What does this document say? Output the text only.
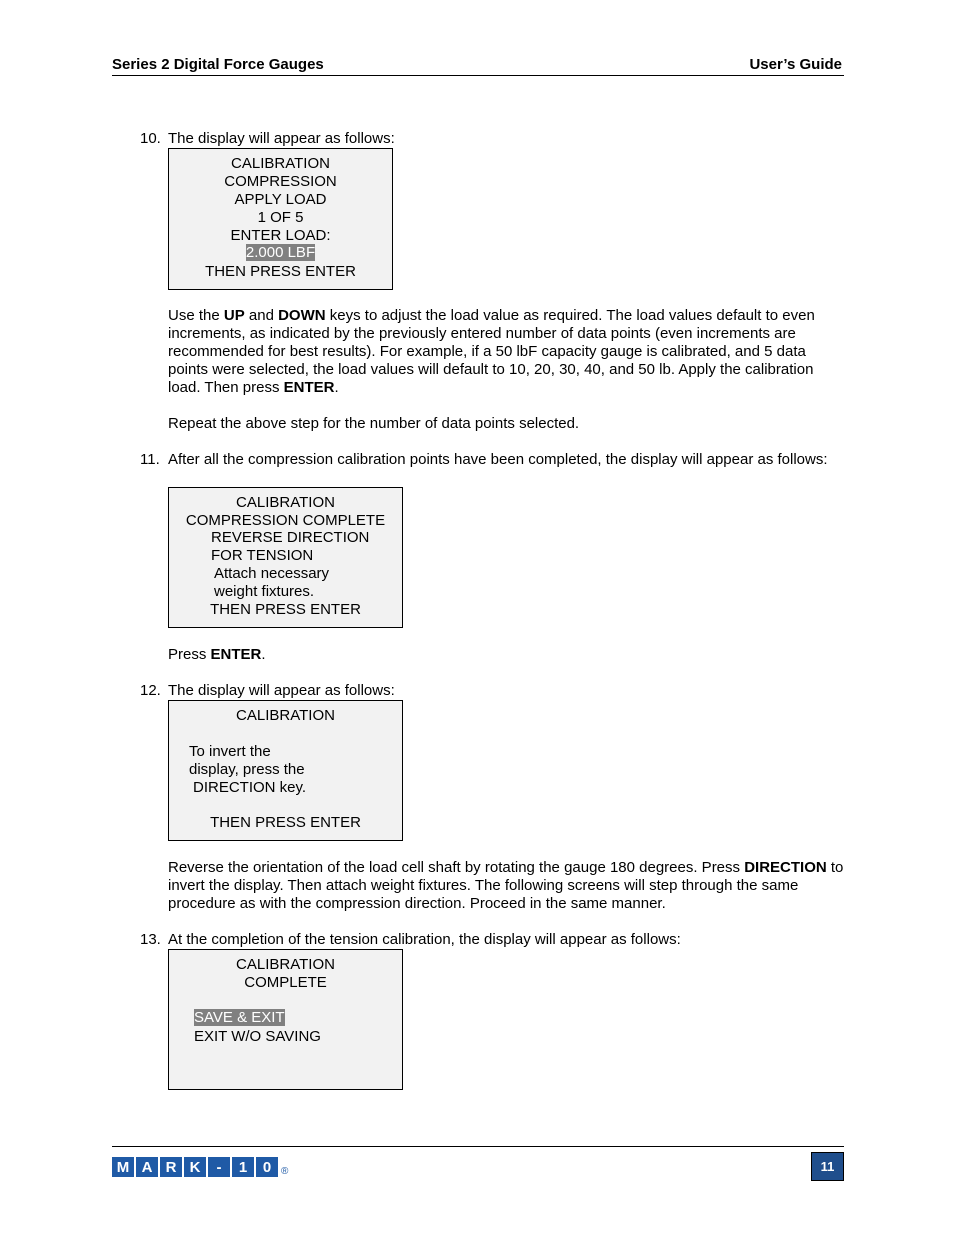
Series 2 Digital Force Gauges	User’s Guide
10. The display will appear as follows:
CALIBRATION
COMPRESSION
APPLY LOAD
1 OF 5
ENTER LOAD:
2.000 LBF
THEN PRESS ENTER
Use the UP and DOWN keys to adjust the load value as required. The load values default to even increments, as indicated by the previously entered number of data points (even increments are recommended for best results). For example, if a 50 lbF capacity gauge is calibrated, and 5 data points were selected, the load values will default to 10, 20, 30, 40, and 50 lb. Apply the calibration load. Then press ENTER.
Repeat the above step for the number of data points selected.
11. After all the compression calibration points have been completed, the display will appear as follows:
CALIBRATION
COMPRESSION COMPLETE
REVERSE DIRECTION
FOR TENSION
Attach necessary
weight fixtures.
THEN PRESS ENTER
Press ENTER.
12. The display will appear as follows:
CALIBRATION
To invert the
display, press the
DIRECTION key.
THEN PRESS ENTER
Reverse the orientation of the load cell shaft by rotating the gauge 180 degrees. Press DIRECTION to invert the display. Then attach weight fixtures. The following screens will step through the same procedure as with the compression direction. Proceed in the same manner.
13. At the completion of the tension calibration, the display will appear as follows:
CALIBRATION
COMPLETE
SAVE & EXIT
EXIT W/O SAVING
M A R K	-	1	0 ®	11
